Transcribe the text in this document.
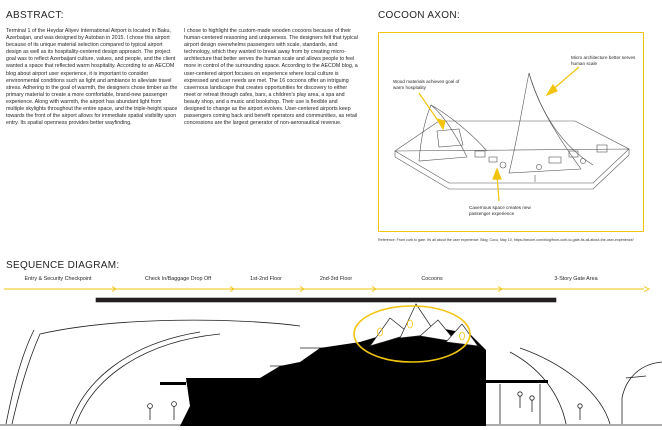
ABSTRACT:

Terminal 1 of the Heydar Aliyev International Airport is located in Baku, Azerbaijan, and was designed by Autoban in 2015. I chose this airport because of its unique material selection compared to typical airport design as well as its hospitality-centered design approach. The project goal was to reflect Azerbaijani culture, values, and people, and the client wanted a space that reflected warm hospitality. According to an AECOM blog about airport user experience, it is important to consider environmental conditions such as light and ambiance to alleviate travel stress. Adhering to the goal of warmth, the designers chose timber as the primary material to create a more comfortable, brand-new passenger experience. Along with warmth, the airport has abundant light from multiple skylights throughout the entire space, and the triple-height space towards the front of the airport allows for immediate spatial visibility upon entry. Its spatial openness provides better wayfinding.

I chose to highlight the custom-made wooden cocoons because of their human-centered reasoning and uniqueness. The designers felt that typical airport design overwhelms passengers with scale, standards, and technology, which they wanted to break away from by creating micro-architecture that better serves the human scale and allows people to feel more in control of the surrounding space. According to the AECOM blog, a user-centered airport focuses on experience where local culture is expressed and user needs are met. The 16 cocoons offer an intriguing cavernous landscape that creates opportunities for discovery to either meet or retreat through cafes, bars, a children's play area, a spa and beauty shop, and a music and bookshop. Their use is flexible and designed to change as the airport evolves. User-centered airports keep passengers coming back and benefit operators and communities, as retail concessions are the largest generator of non-aeronautical revenue.

COCOON AXON:
Micro architecture better serves human scale
Wood materials achieves goal of warm hospitality
Cavernous space creates new passenger experience
Reference: From curb to gate: it's all about the user experience. Blog, Cocu, May 10, https://aecom.com/blog/from-curb-to-gate-its-all-about-the-user-experience/
SEQUENCE DIAGRAM:
Entry & Security Checkpoint	Check In/Baggage Drop Off	1st-2nd Floor	2nd-3rd Floor	Cocoons	3-Story Gate Area
